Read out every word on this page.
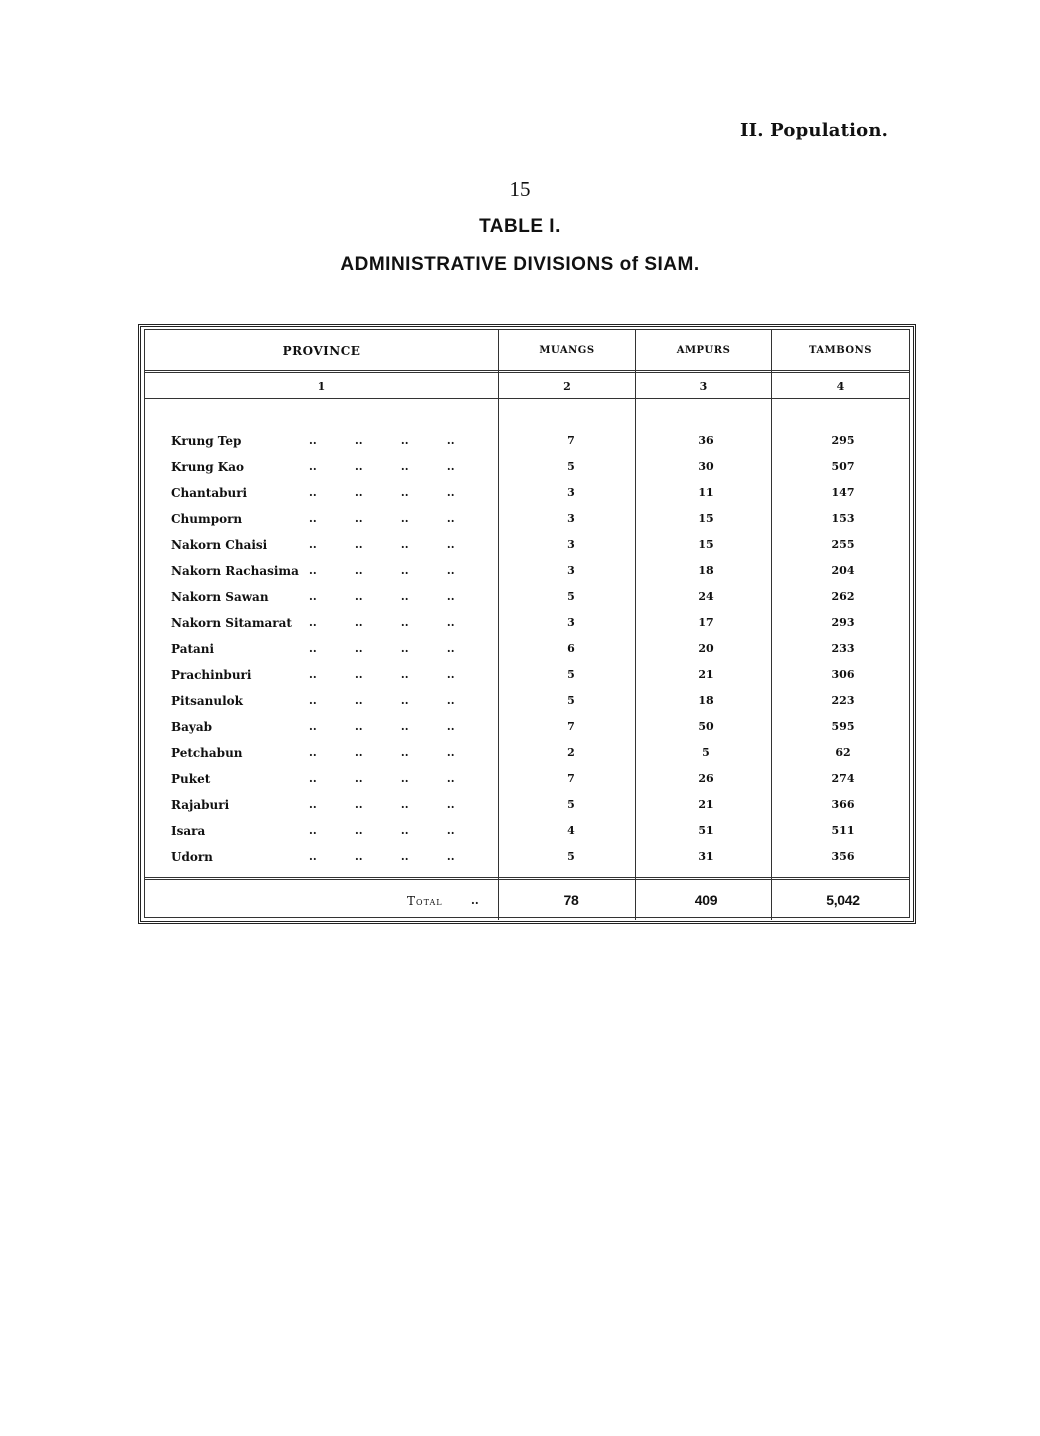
II. Population.
15
TABLE I.
ADMINISTRATIVE DIVISIONS of SIAM.
PROVINCE	MUANGS	AMPURS	TAMBONS
1	2	3	4
Krung Tep	..          ..          ..          ..	7	36	295
Krung Kao	..          ..          ..          ..	5	30	507
Chantaburi	..          ..          ..          ..	3	11	147
Chumporn	..          ..          ..          ..	3	15	153
Nakorn Chaisi	..          ..          ..          ..	3	15	255
Nakorn Rachasima ..          ..          ..          ..	3	18	204
Nakorn Sawan	..          ..          ..          ..	5	24	262
Nakorn Sitamarat ..          ..          ..          ..	3	17	293
Patani	..          ..          ..          ..	6	20	233
Prachinburi	..          ..          ..          ..	5	21	306
Pitsanulok	..          ..          ..          ..	5	18	223
Bayab	..          ..          ..          ..	7	50	595
Petchabun	..          ..          ..          ..	2	5	62
Puket	..          ..          ..          ..	7	26	274
Rajaburi	..          ..          ..          ..	5	21	366
Isara	..          ..          ..          ..	4	51	511
Udorn	..          ..          ..          ..	5	31	356
Total	..	78	409	5,042
